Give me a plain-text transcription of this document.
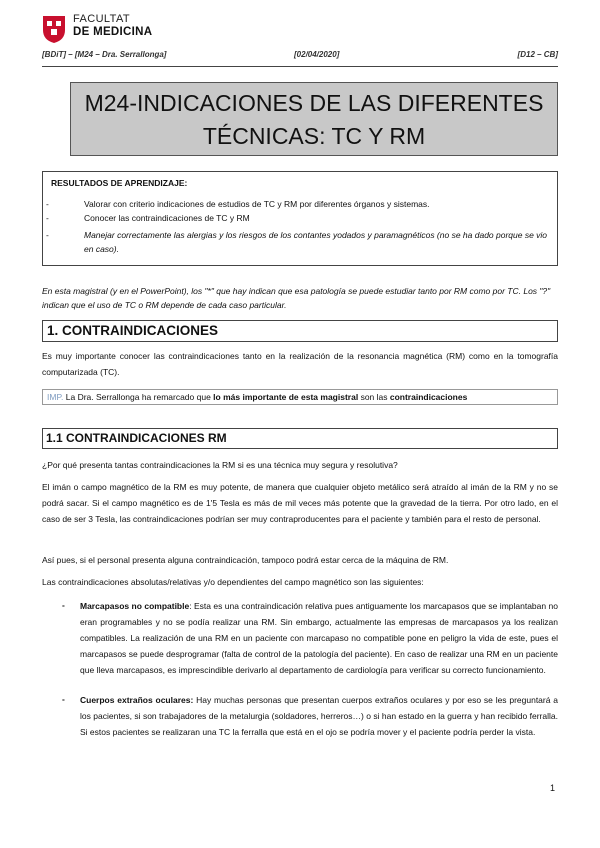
FACULTAT
DE MEDICINA
[BDiT] – [M24 – Dra. Serrallonga]	[02/04/2020]	[D12 – CB]
M24-INDICACIONES DE LAS DIFERENTES
TÉCNICAS: TC Y RM
RESULTADOS DE APRENDIZAJE:
-	Valorar con criterio indicaciones de estudios de TC y RM por diferentes órganos y sistemas.
-	Conocer las contraindicaciones de TC y RM
-	Manejar correctamente las alergias y los riesgos de los contantes yodados y paramagnéticos (no se ha dado porque se vio en caso).
En esta magistral (y en el PowerPoint), los "*" que hay indican que esa patología se puede estudiar tanto por RM como por TC. Los "?" indican que el uso de TC o RM depende de cada caso particular.
1. CONTRAINDICACIONES
Es muy importante conocer las contraindicaciones tanto en la realización de la resonancia magnética (RM) como en la tomografía computarizada (TC).
IMP. La Dra. Serrallonga ha remarcado que lo más importante de esta magistral son las contraindicaciones
1.1 CONTRAINDICACIONES RM
¿Por qué presenta tantas contraindicaciones la RM si es una técnica muy segura y resolutiva?
El imán o campo magnético de la RM es muy potente, de manera que cualquier objeto metálico será atraído al imán de la RM y no se podrá sacar. Si el campo magnético es de 1'5 Tesla es más de mil veces más potente que la gravedad de la tierra. Por otro lado, en el caso de ser 3 Tesla, las contraindicaciones podrían ser muy contraproducentes para el paciente y también para el resto de personal.
Así pues, si el personal presenta alguna contraindicación, tampoco podrá estar cerca de la máquina de RM.
Las contraindicaciones absolutas/relativas y/o dependientes del campo magnético son las siguientes:
- Marcapasos no compatible: Esta es una contraindicación relativa pues antiguamente los marcapasos que se implantaban no eran programables y no se podía realizar una RM. Sin embargo, actualmente las empresas de marcapasos ya los realizan compatibles. La realización de una RM en un paciente con marcapaso no compatible pone en peligro la vida de este, pues el marcapasos se puede desprogramar (falta de control de la patología del paciente). En caso de realizar una RM en un paciente que lleva marcapasos, es imprescindible derivarlo al departamento de cardiología para verificar su correcto funcionamiento.
- Cuerpos extraños oculares: Hay muchas personas que presentan cuerpos extraños oculares y por eso se les preguntará a los pacientes, si son trabajadores de la metalurgia (soldadores, herreros…) o si han estado en la guerra y han recibido ferralla. Si estos pacientes se realizaran una TC la ferralla que está en el ojo se podría mover y el paciente podría perder la vista.
1
